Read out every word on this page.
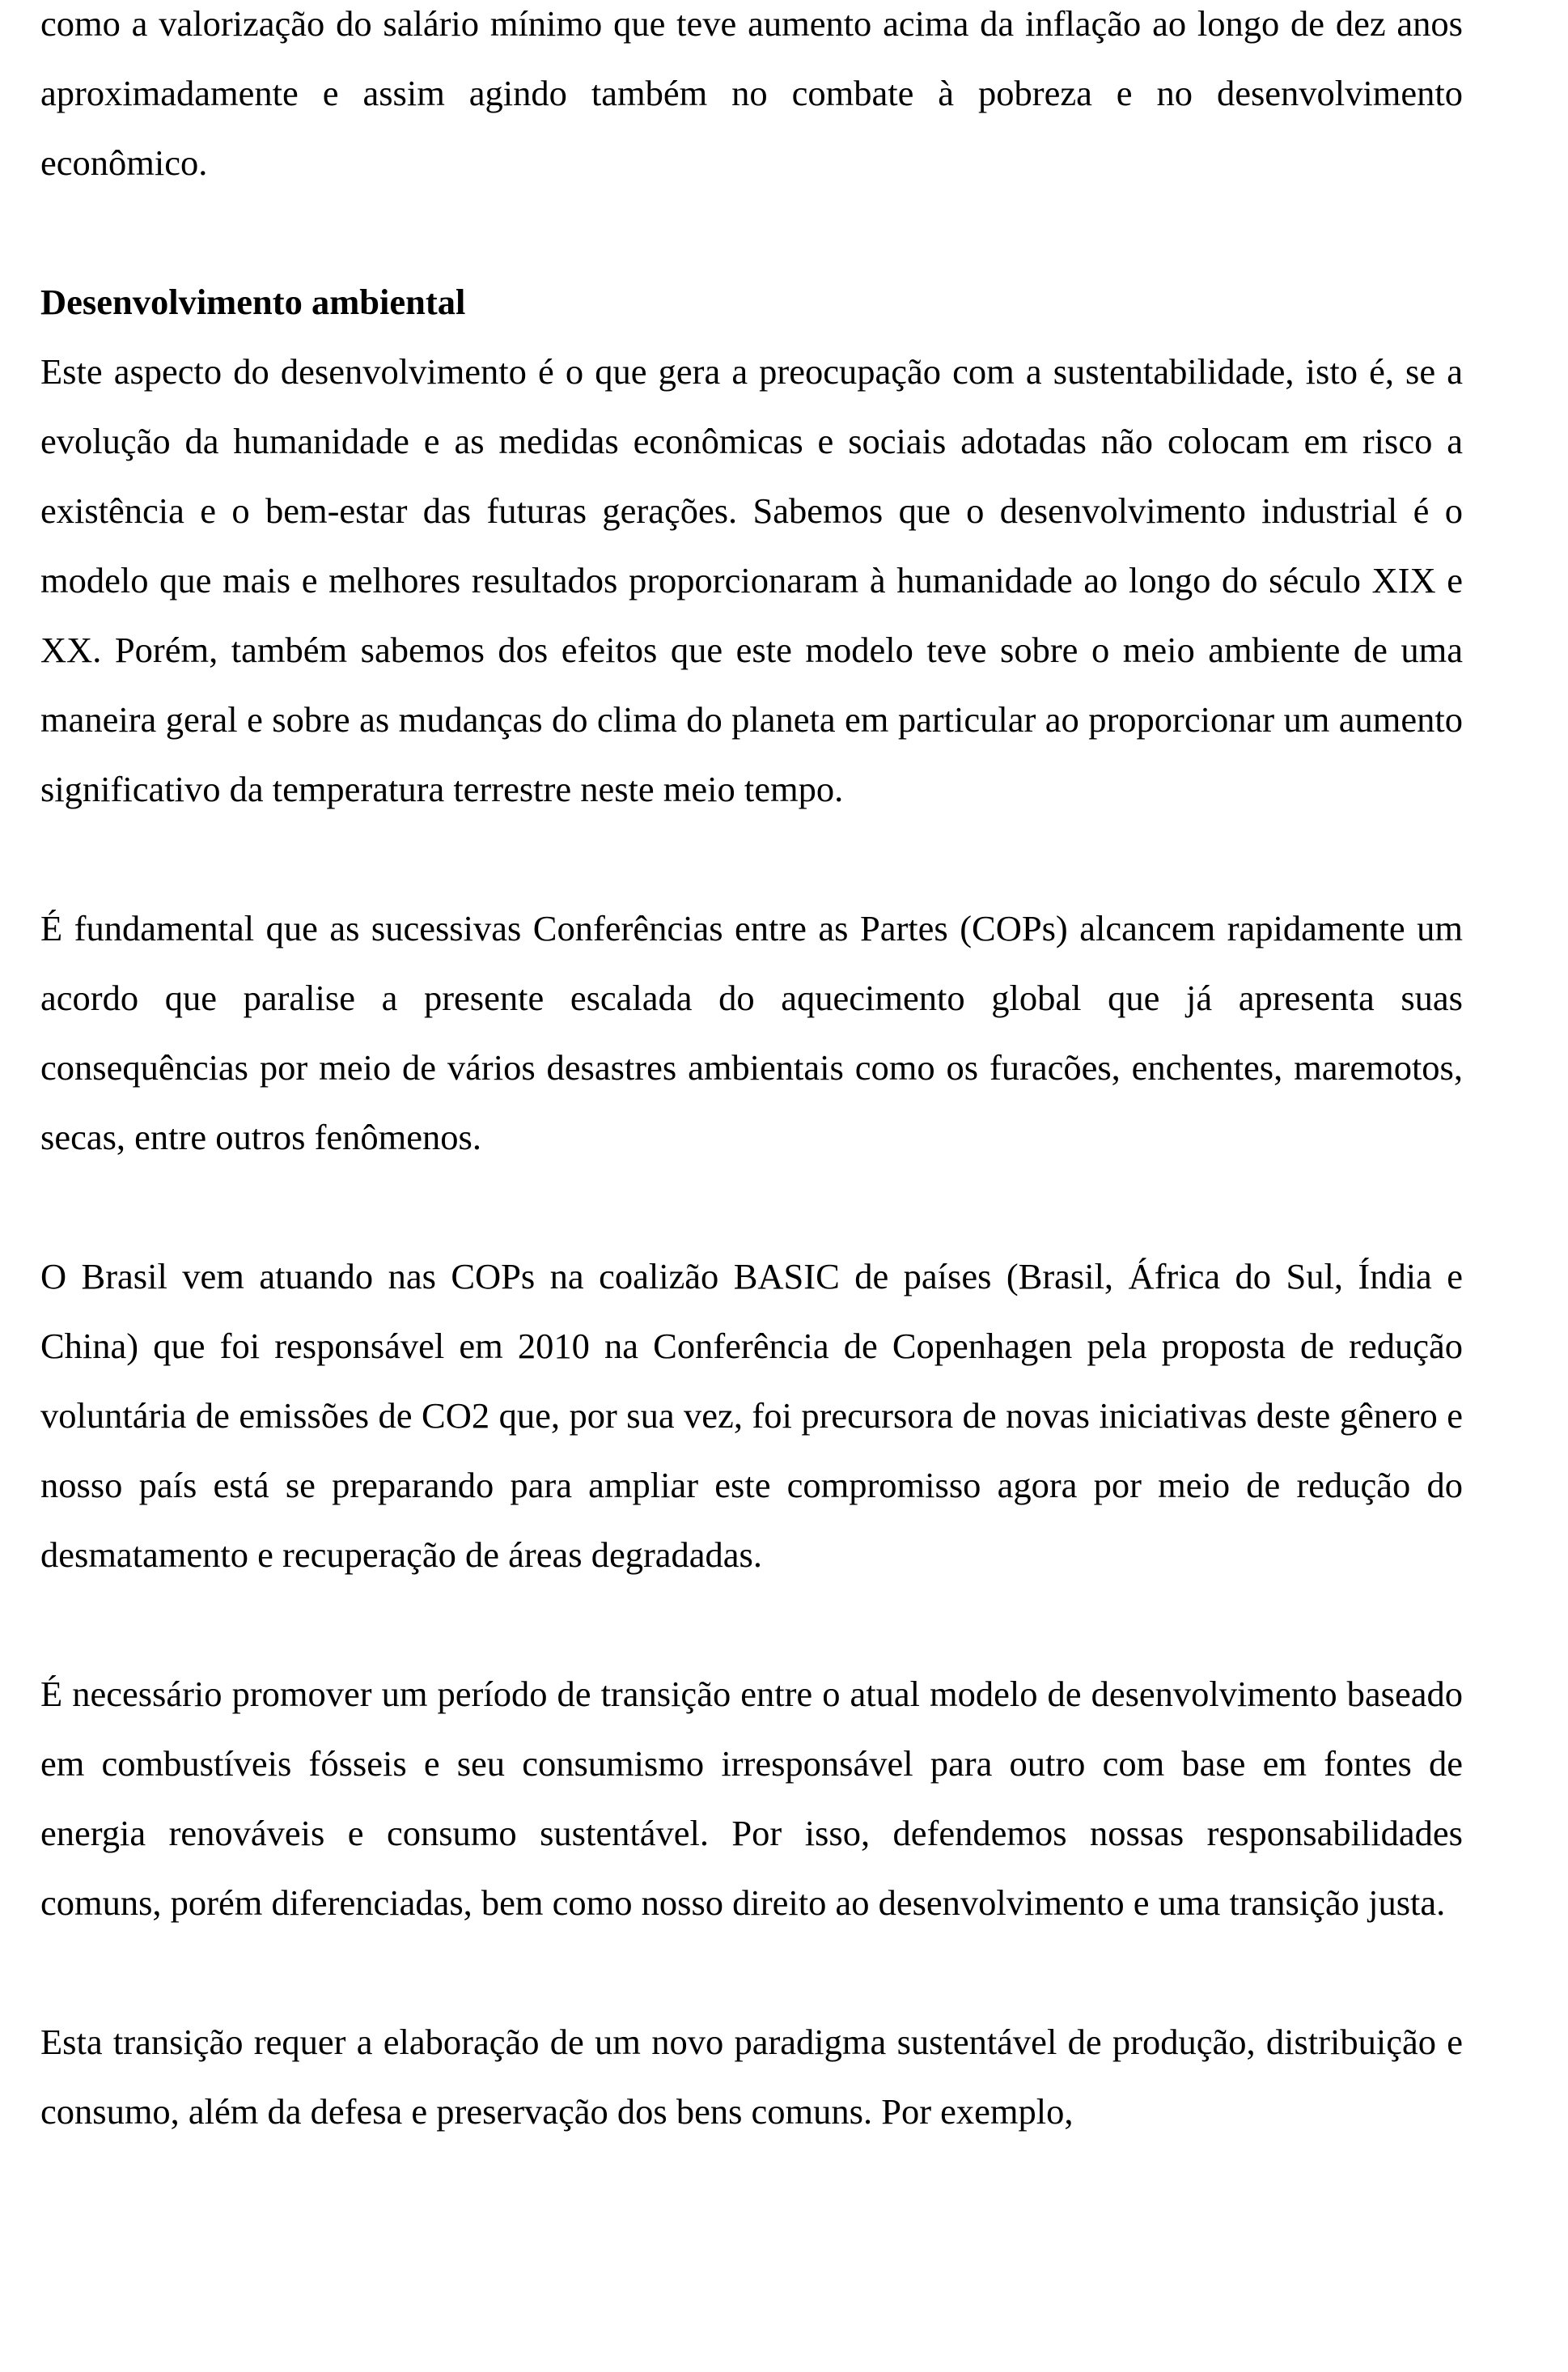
como a valorização do salário mínimo que teve aumento acima da inflação ao longo de dez anos aproximadamente e assim agindo também no combate à pobreza e no desenvolvimento econômico.

Desenvolvimento ambiental
Este aspecto do desenvolvimento é o que gera a preocupação com a sustentabilidade, isto é, se a evolução da humanidade e as medidas econômicas e sociais adotadas não colocam em risco a existência e o bem-estar das futuras gerações. Sabemos que o desenvolvimento industrial é o modelo que mais e melhores resultados proporcionaram à humanidade ao longo do século XIX e XX. Porém, também sabemos dos efeitos que este modelo teve sobre o meio ambiente de uma maneira geral e sobre as mudanças do clima do planeta em particular ao proporcionar um aumento significativo da temperatura terrestre neste meio tempo.

É fundamental que as sucessivas Conferências entre as Partes (COPs) alcancem rapidamente um acordo que paralise a presente escalada do aquecimento global que já apresenta suas consequências por meio de vários desastres ambientais como os furacões, enchentes, maremotos, secas, entre outros fenômenos.

O Brasil vem atuando nas COPs na coalizão BASIC de países (Brasil, África do Sul, Índia e China) que foi responsável em 2010 na Conferência de Copenhagen pela proposta de redução voluntária de emissões de CO2 que, por sua vez, foi precursora de novas iniciativas deste gênero e nosso país está se preparando para ampliar este compromisso agora por meio de redução do desmatamento e recuperação de áreas degradadas.

É necessário promover um período de transição entre o atual modelo de desenvolvimento baseado em combustíveis fósseis e seu consumismo irresponsável para outro com base em fontes de energia renováveis e consumo sustentável. Por isso, defendemos nossas responsabilidades comuns, porém diferenciadas, bem como nosso direito ao desenvolvimento e uma transição justa.

Esta transição requer a elaboração de um novo paradigma sustentável de produção, distribuição e consumo, além da defesa e preservação dos bens comuns. Por exemplo,
